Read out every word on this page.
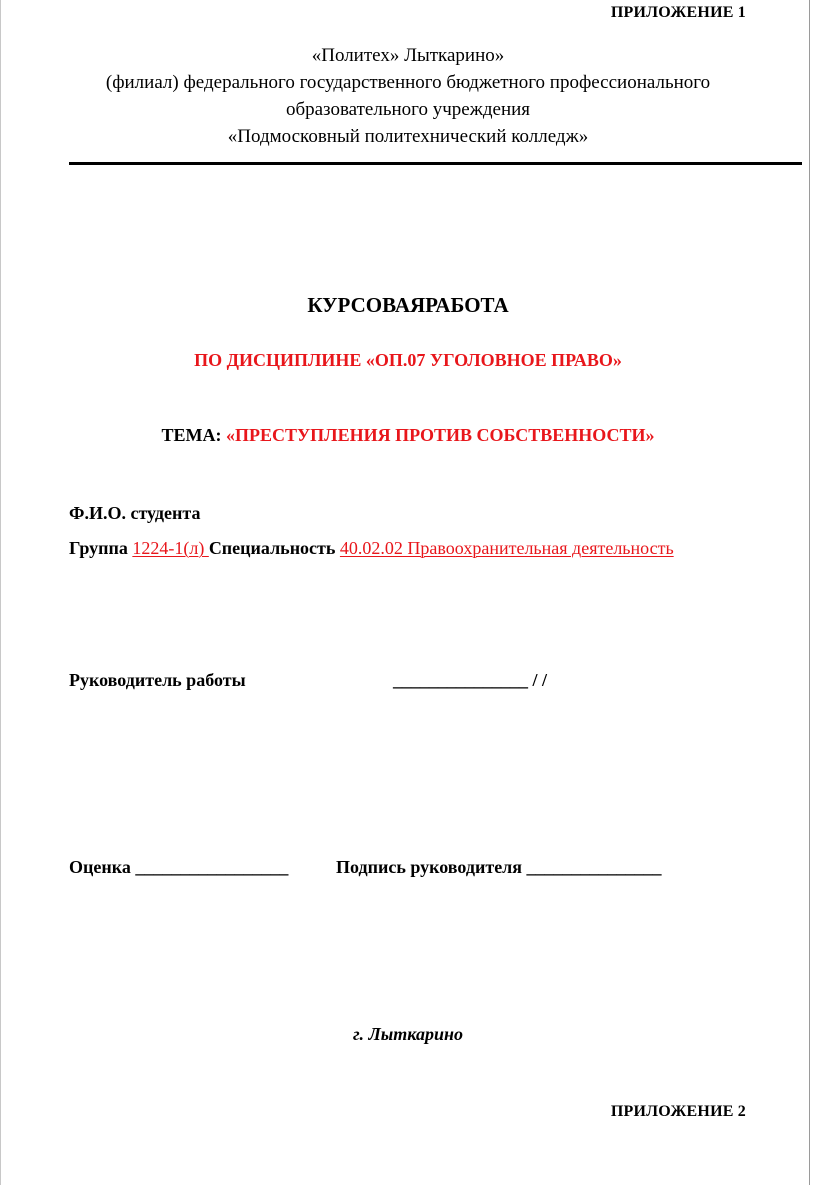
ПРИЛОЖЕНИЕ 1
«Политех» Лыткарино»
(филиал) федерального государственного бюджетного профессионального
образовательного учреждения
«Подмосковный политехнический колледж»
КУРСОВАЯРАБОТА
ПО ДИСЦИПЛИНЕ «ОП.07 УГОЛОВНОЕ ПРАВО»
ТЕМА: «ПРЕСТУПЛЕНИЯ ПРОТИВ СОБСТВЕННОСТИ»
Ф.И.О. студента
Группа 1224-1(л) Специальность 40.02.02 Правоохранительная деятельность
Руководитель работы	_______________ / /
Оценка _________________	Подпись руководителя _______________
г. Лыткарино
ПРИЛОЖЕНИЕ 2
